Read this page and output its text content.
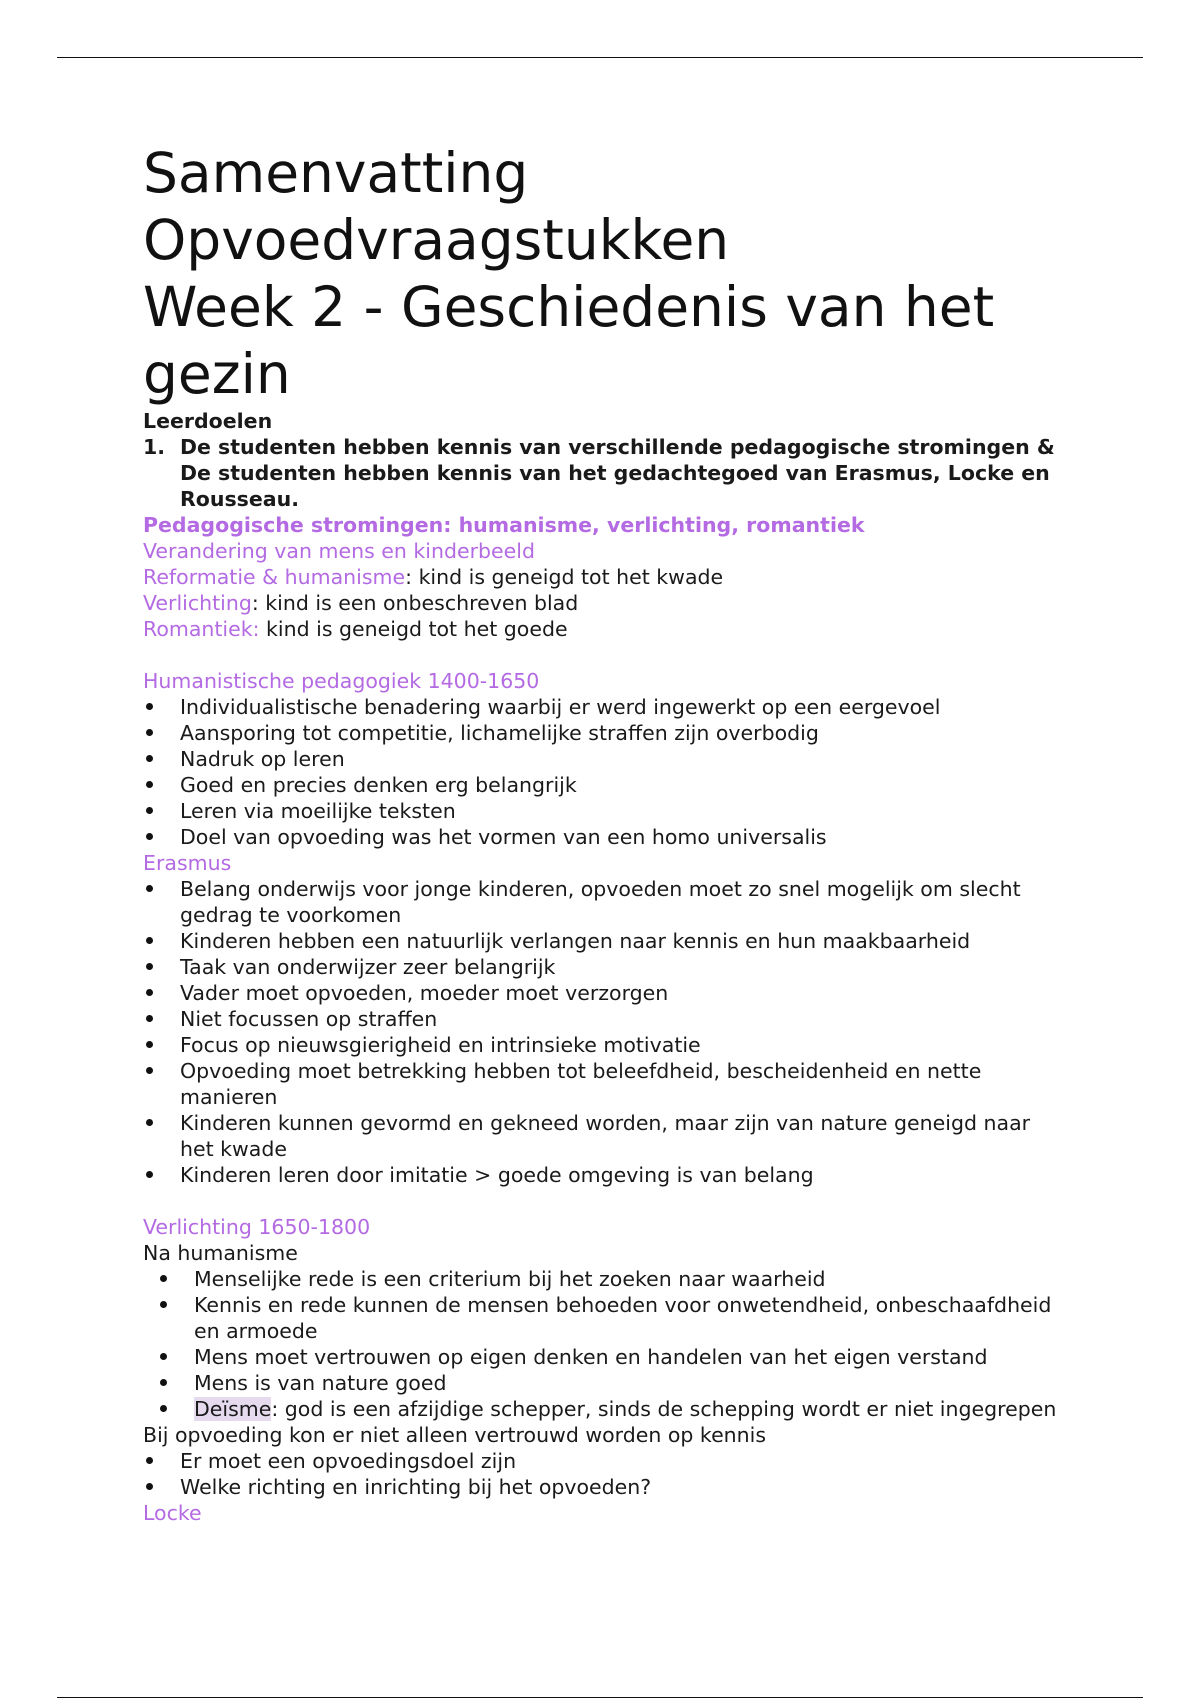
Samenvatting
Opvoedvraagstukken
Week 2 - Geschiedenis van het
gezin
Leerdoelen
1. De studenten hebben kennis van verschillende pedagogische stromingen & De studenten hebben kennis van het gedachtegoed van Erasmus, Locke en Rousseau.
Pedagogische stromingen: humanisme, verlichting, romantiek
Verandering van mens en kinderbeeld
Reformatie & humanisme: kind is geneigd tot het kwade
Verlichting: kind is een onbeschreven blad
Romantiek: kind is geneigd tot het goede
Humanistische pedagogiek 1400-1650
Individualistische benadering waarbij er werd ingewerkt op een eergevoel
Aansporing tot competitie, lichamelijke straffen zijn overbodig
Nadruk op leren
Goed en precies denken erg belangrijk
Leren via moeilijke teksten
Doel van opvoeding was het vormen van een homo universalis
Erasmus
Belang onderwijs voor jonge kinderen, opvoeden moet zo snel mogelijk om slecht gedrag te voorkomen
Kinderen hebben een natuurlijk verlangen naar kennis en hun maakbaarheid
Taak van onderwijzer zeer belangrijk
Vader moet opvoeden, moeder moet verzorgen
Niet focussen op straffen
Focus op nieuwsgierigheid en intrinsieke motivatie
Opvoeding moet betrekking hebben tot beleefdheid, bescheidenheid en nette manieren
Kinderen kunnen gevormd en gekneed worden, maar zijn van nature geneigd naar het kwade
Kinderen leren door imitatie > goede omgeving is van belang
Verlichting 1650-1800
Na humanisme
Menselijke rede is een criterium bij het zoeken naar waarheid
Kennis en rede kunnen de mensen behoeden voor onwetendheid, onbeschaafdheid en armoede
Mens moet vertrouwen op eigen denken en handelen van het eigen verstand
Mens is van nature goed
Deïsme: god is een afzijdige schepper, sinds de schepping wordt er niet ingegrepen
Bij opvoeding kon er niet alleen vertrouwd worden op kennis
Er moet een opvoedingsdoel zijn
Welke richting en inrichting bij het opvoeden?
Locke
